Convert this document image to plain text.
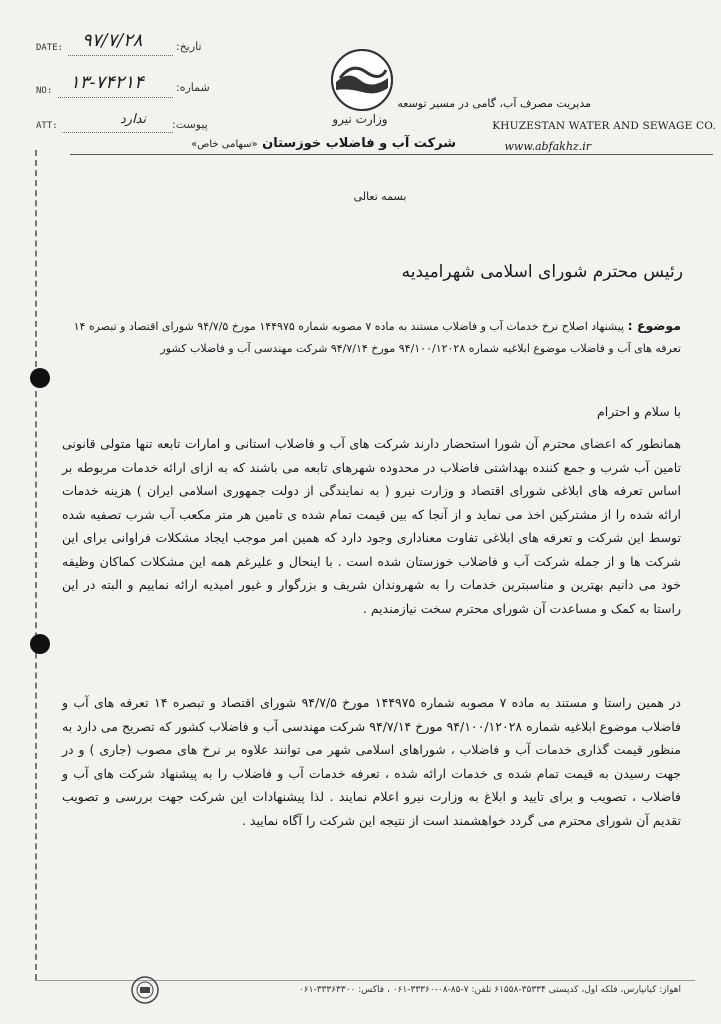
DATE: ۹۷/۷/۲۸	تاریخ:
NO: ۱۳-۷۴۲۱۴	شماره:
ATT:	ندارد پیوست:	وزارت نیرو
شرکت آب و فاضلاب خوزستان «سهامی خاص»
مدیریت مصرف آب، گامی در مسیر توسعه
KHUZESTAN WATER AND SEWAGE CO.
www.abfakhz.ir
بسمه تعالی
رئیس محترم شورای اسلامی شهرامیدیه
موضوع : پیشنهاد اصلاح نرخ خدمات آب و فاضلاب مستند به ماده ۷ مصوبه شماره ۱۴۴۹۷۵ مورخ ۹۴/۷/۵ شورای اقتصاد و تبصره ۱۴ تعرفه های آب و فاضلاب موضوع ابلاغیه شماره ۹۴/۱۰۰/۱۲۰۲۸ مورخ ۹۴/۷/۱۴ شرکت مهندسی آب و فاضلاب کشور
با سلام و احترام
همانطور که اعضای محترم آن شورا استحضار دارند شرکت های آب و فاضلاب استانی و امارات تابعه تنها متولی قانونی تامین آب شرب و جمع کننده بهداشتی فاضلاب در محدوده شهرهای تابعه می باشند که به ازای ارائه خدمات مربوطه بر اساس تعرفه های ابلاغی شورای اقتصاد و وزارت نیرو ( به نمایندگی از دولت جمهوری اسلامی ایران ) هزینه خدمات ارائه شده را از مشترکین اخذ می نماید و از آنجا که بین قیمت تمام شده ی تامین هر متر مکعب آب شرب تصفیه شده توسط این شرکت و تعرفه های ابلاغی تفاوت معناداری وجود دارد که همین امر موجب ایجاد مشکلات فراوانی برای این شرکت ها و از جمله شرکت آب و فاضلاب خوزستان شده است . با اینحال و علیرغم همه این مشکلات کماکان وظیفه خود می دانیم بهترین و مناسبترین خدمات را به شهروندان شریف و بزرگوار و غیور امیدیه ارائه نماییم و البته در این راستا به کمک و مساعدت آن شورای محترم سخت نیازمندیم .
در همین راستا و مستند به ماده ۷ مصوبه شماره ۱۴۴۹۷۵ مورخ ۹۴/۷/۵ شورای اقتصاد و تبصره ۱۴ تعرفه های آب و فاضلاب موضوع ابلاغیه شماره ۹۴/۱۰۰/۱۲۰۲۸ مورخ ۹۴/۷/۱۴ شرکت مهندسی آب و فاضلاب کشور که تصریح می دارد به منظور قیمت گذاری خدمات آب و فاضلاب ، شوراهای اسلامی شهر می توانند علاوه بر نرخ های مصوب (جاری ) و در جهت رسیدن به قیمت تمام شده ی خدمات ارائه شده ، تعرفه خدمات آب و فاضلاب را به پیشنهاد شرکت های آب و فاضلاب ، تصویب و برای تایید و ابلاغ به وزارت نیرو اعلام نمایند . لذا پیشنهادات این شرکت جهت بررسی و تصویب تقدیم آن شورای محترم می گردد خواهشمند است از نتیجه این شرکت را آگاه نمایید .
اهواز: کیانپارس، فلکه اول، کدپستی ۳۵۳۳۴-۶۱۵۵۸ تلفن: ۷-۸۵-۰۸-۳۳۳۶۰-۰۶۱ ، فاکس: ۳۳۳۶۳۳۰۰-۰۶۱
